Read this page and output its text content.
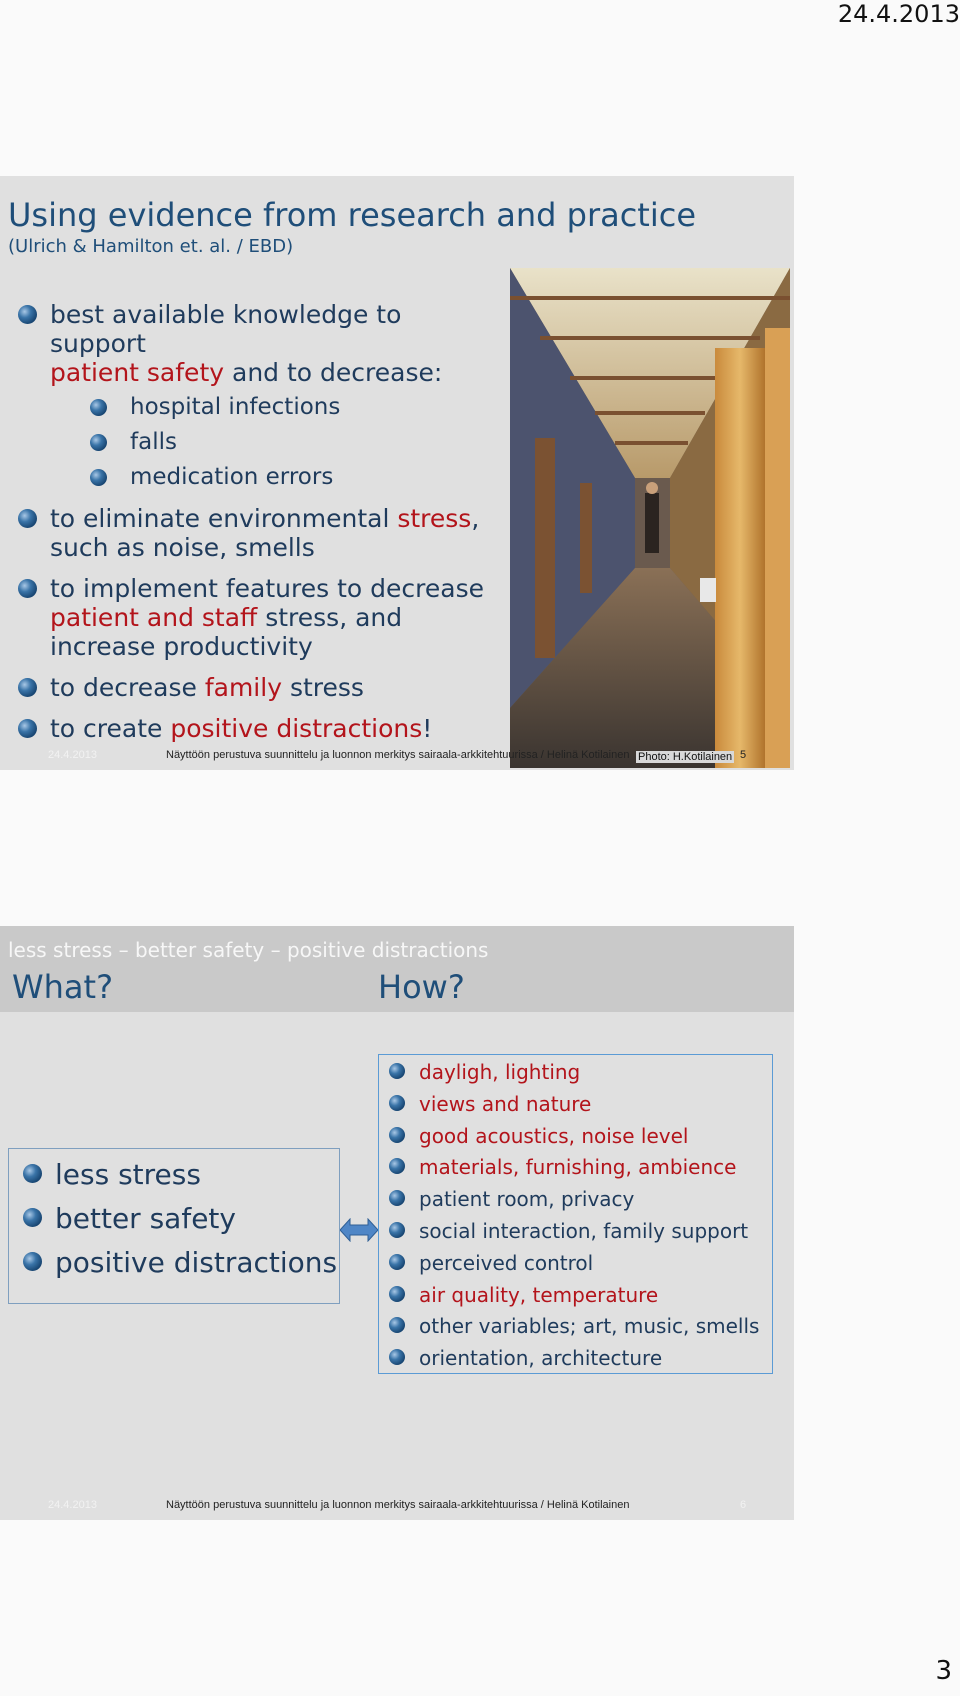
24.4.2013
Using evidence from research and practice
(Ulrich & Hamilton et. al. / EBD)
best available knowledge to support
patient safety and to decrease:
hospital infections
falls
medication errors
to eliminate environmental stress, such as noise, smells
to implement features to decrease patient and staff stress, and increase productivity
to decrease family stress
to create positive distractions!
24.4.2013	Näyttöön perustuva suunnittelu ja luonnon merkitys sairaala-arkkitehtuurissa / Helinä Kotilainen Photo: H.Kotilainen 5
less stress – better safety – positive distractions
What?	How?
less stress
better safety
positive distractions
dayligh, lighting
views and nature
good acoustics, noise level
materials, furnishing, ambience
patient room, privacy
social interaction, family support
perceived control
air quality, temperature
other variables; art, music, smells
orientation, architecture
24.4.2013	Näyttöön perustuva suunnittelu ja luonnon merkitys sairaala-arkkitehtuurissa / Helinä Kotilainen	6
3
